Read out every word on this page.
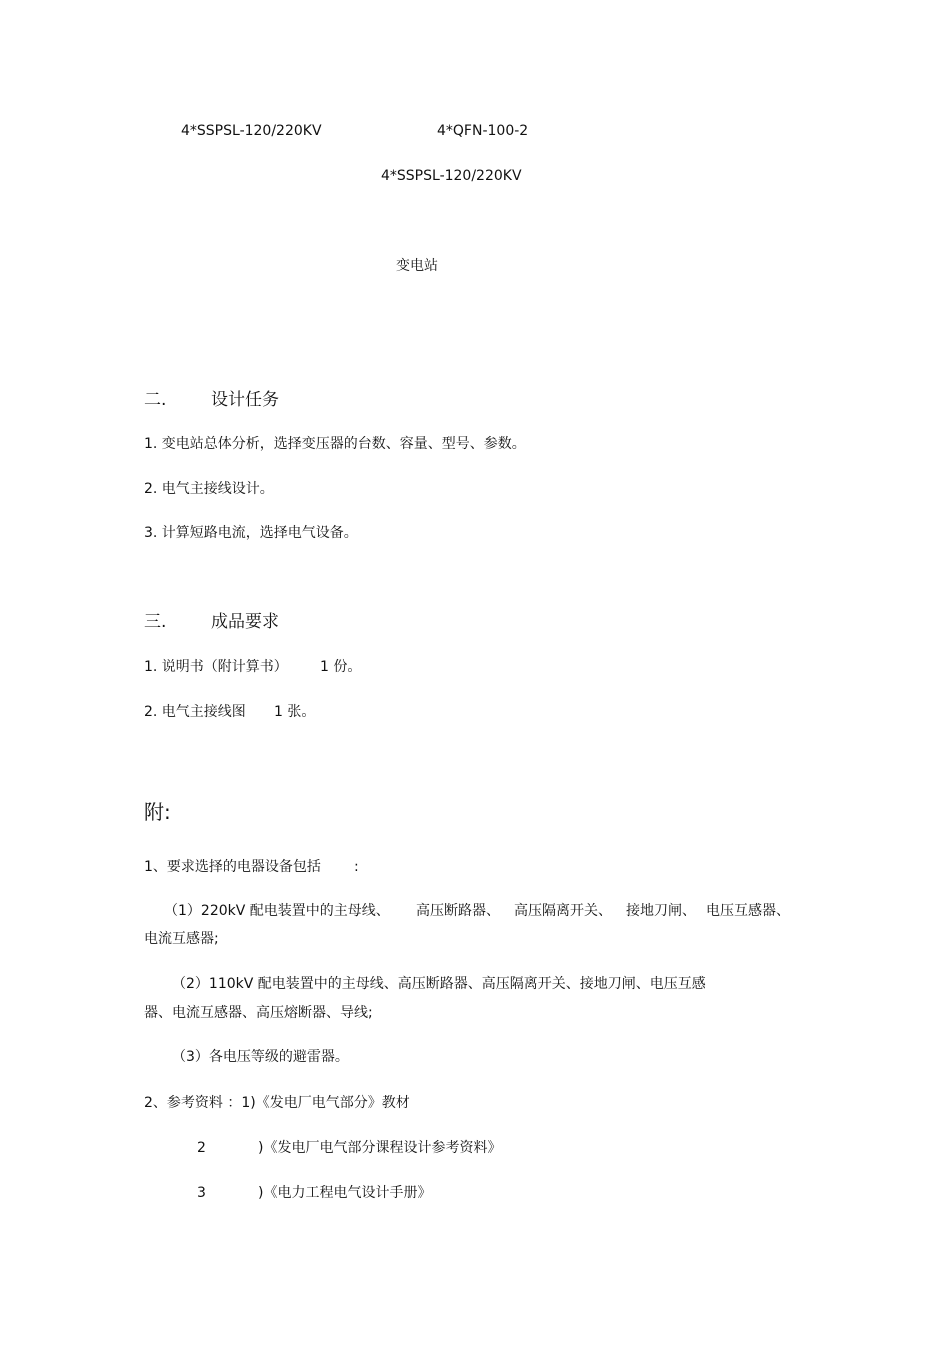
4*SSPSL-120/220KV	4*QFN-100-2
4*SSPSL-120/220KV
变电站
二.	设计任务
1. 变电站总体分析，选择变压器的台数、容量、型号、参数。
2. 电气主接线设计。
3. 计算短路电流，选择电气设备。
三.	成品要求
1. 说明书（附计算书） 1 份。
2. 电气主接线图 1 张。
附:
1、要求选择的电器设备包括 :
（1）220kV 配电装置中的主母线、 高压断路器、 高压隔离开关、 接地刀闸、 电压互感器、
电流互感器;
（2）110kV 配电装置中的主母线、高压断路器、高压隔离开关、接地刀闸、电压互感
器、电流互感器、高压熔断器、导线;
（3）各电压等级的避雷器。
2、参考资料 ：1)《发电厂电气部分》教材
2	)《发电厂电气部分课程设计参考资料》
3	)《电力工程电气设计手册》
